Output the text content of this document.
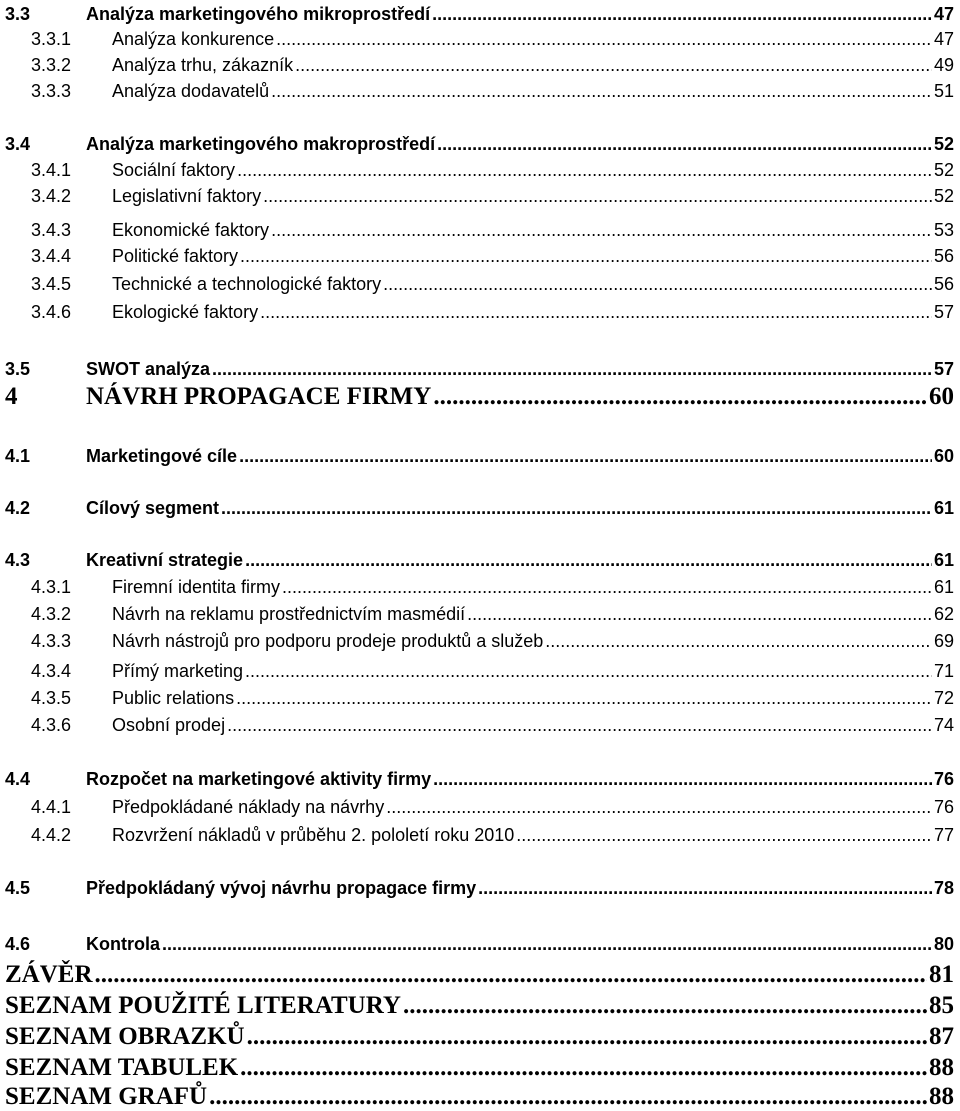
3.3	Analýza marketingového mikroprostředí .....	47
3.3.1	Analýza konkurence .....	47
3.3.2	Analýza trhu, zákazník .....	49
3.3.3	Analýza dodavatelů .....	51
3.4	Analýza marketingového makroprostředí .....	52
3.4.1	Sociální faktory .....	52
3.4.2	Legislativní faktory .....	52
3.4.3	Ekonomické faktory .....	53
3.4.4	Politické faktory .....	56
3.4.5	Technické a technologické faktory .....	56
3.4.6	Ekologické faktory .....	57
3.5	SWOT analýza .....	57
4	NÁVRH PROPAGACE FIRMY .....	60
4.1	Marketingové cíle .....	60
4.2	Cílový segment .....	61
4.3	Kreativní strategie .....	61
4.3.1	Firemní identita firmy .....	61
4.3.2	Návrh na reklamu prostřednictvím masmédií .....	62
4.3.3	Návrh nástrojů pro podporu prodeje produktů a služeb .....	69
4.3.4	Přímý marketing .....	71
4.3.5	Public relations .....	72
4.3.6	Osobní prodej .....	74
4.4	Rozpočet na marketingové aktivity firmy .....	76
4.4.1	Předpokládané náklady na návrhy .....	76
4.4.2	Rozvržení nákladů v průběhu 2. pololetí roku 2010 .....	77
4.5	Předpokládaný vývoj návrhu propagace firmy .....	78
4.6	Kontrola .....	80
ZÁVĚR .....	81
SEZNAM POUŽITÉ LITERATURY .....	85
SEZNAM OBRAZKŮ .....	87
SEZNAM TABULEK .....	88
SEZNAM GRAFŮ .....	88
